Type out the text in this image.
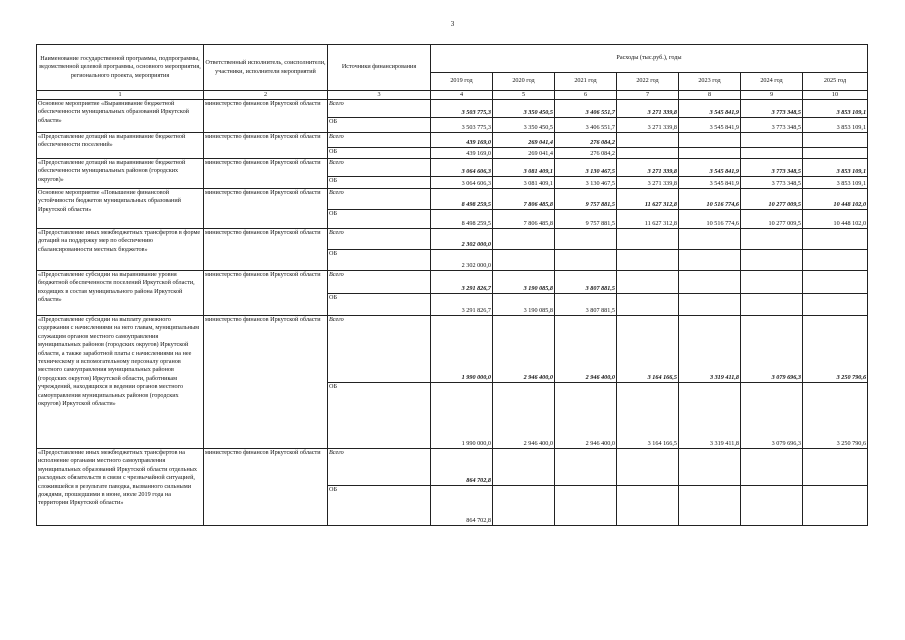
3
Наименование государственной программы, подпрограммы, ведомственной целевой программы, основного мероприятия, регионального проекта, мероприятия	Ответственный исполнитель, соисполнители, участники, исполнители мероприятий	Источники финансирования	Расходы (тыс.руб.), годы						
			2019 год	2020 год	2021 год	2022 год	2023 год	2024 год	2025 год
1	2	3	4	5	6	7	8	9	10
Основное мероприятие «Выравнивание бюджетной обеспеченности муниципальных образований Иркутской области»	министерство финансов Иркутской области	Всего	3 503 775,3	3 350 450,5	3 406 551,7	3 271 339,8	3 545 841,9	3 773 348,5	3 853 109,1
		ОБ	3 503 775,3	3 350 450,5	3 406 551,7	3 271 339,8	3 545 841,9	3 773 348,5	3 853 109,1
«Предоставление дотаций на выравнивание бюджетной обеспеченности поселений»	министерство финансов Иркутской области	Всего	439 169,0	269 041,4	276 084,2				
		ОБ	439 169,0	269 041,4	276 084,2				
«Предоставление дотаций на выравнивание бюджетной обеспеченности муниципальных районов (городских округов)»	министерство финансов Иркутской области	Всего	3 064 606,3	3 081 409,1	3 130 467,5	3 271 339,8	3 545 841,9	3 773 348,5	3 853 109,1
		ОБ	3 064 606,3	3 081 409,1	3 130 467,5	3 271 339,8	3 545 841,9	3 773 348,5	3 853 109,1
Основное мероприятие «Повышение финансовой устойчивости бюджетов муниципальных образований Иркутской области»	министерство финансов Иркутской области	Всего	8 498 259,5	7 806 485,8	9 757 881,5	11 627 312,8	10 516 774,6	10 277 009,5	10 448 102,0
		ОБ	8 498 259,5	7 806 485,8	9 757 881,5	11 627 312,8	10 516 774,6	10 277 009,5	10 448 102,0
«Предоставление иных межбюджетных трансфертов в форме дотаций на поддержку мер по обеспечению сбалансированности местных бюджетов»	министерство финансов Иркутской области	Всего	2 302 000,0						
		ОБ	2 302 000,0						
«Предоставление субсидии на выравнивание уровня бюджетной обеспеченности поселений Иркутской области, входящих в состав муниципального района Иркутской области»	министерство финансов Иркутской области	Всего	3 291 826,7	3 190 085,8	3 807 881,5				
		ОБ	3 291 826,7	3 190 085,8	3 807 881,5				
«Предоставление субсидии на выплату денежного содержания с начислениями на него главам, муниципальным служащим органов местного самоуправления муниципальных районов (городских округов) Иркутской области, а также заработной платы с начислениями на нее техническому и вспомогательному персоналу органов местного самоуправления муниципальных районов (городских округов) Иркутской области, работникам учреждений, находящихся в ведении органов местного самоуправления муниципальных районов (городских округов) Иркутской области»	министерство финансов Иркутской области	Всего	1 990 000,0	2 946 400,0	2 946 400,0	3 164 166,5	3 319 411,8	3 079 696,3	3 250 790,6
		ОБ	1 990 000,0	2 946 400,0	2 946 400,0	3 164 166,5	3 319 411,8	3 079 696,3	3 250 790,6
«Предоставление иных межбюджетных трансфертов на исполнение органами местного самоуправления муниципальных образований Иркутской области отдельных расходных обязательств в связи с чрезвычайной ситуацией, сложившейся в результате паводка, вызванного сильными дождями, прошедшими в июне, июле 2019 года на территории Иркутской области»	министерство финансов Иркутской области	Всего	864 702,8						
		ОБ	864 702,8						
